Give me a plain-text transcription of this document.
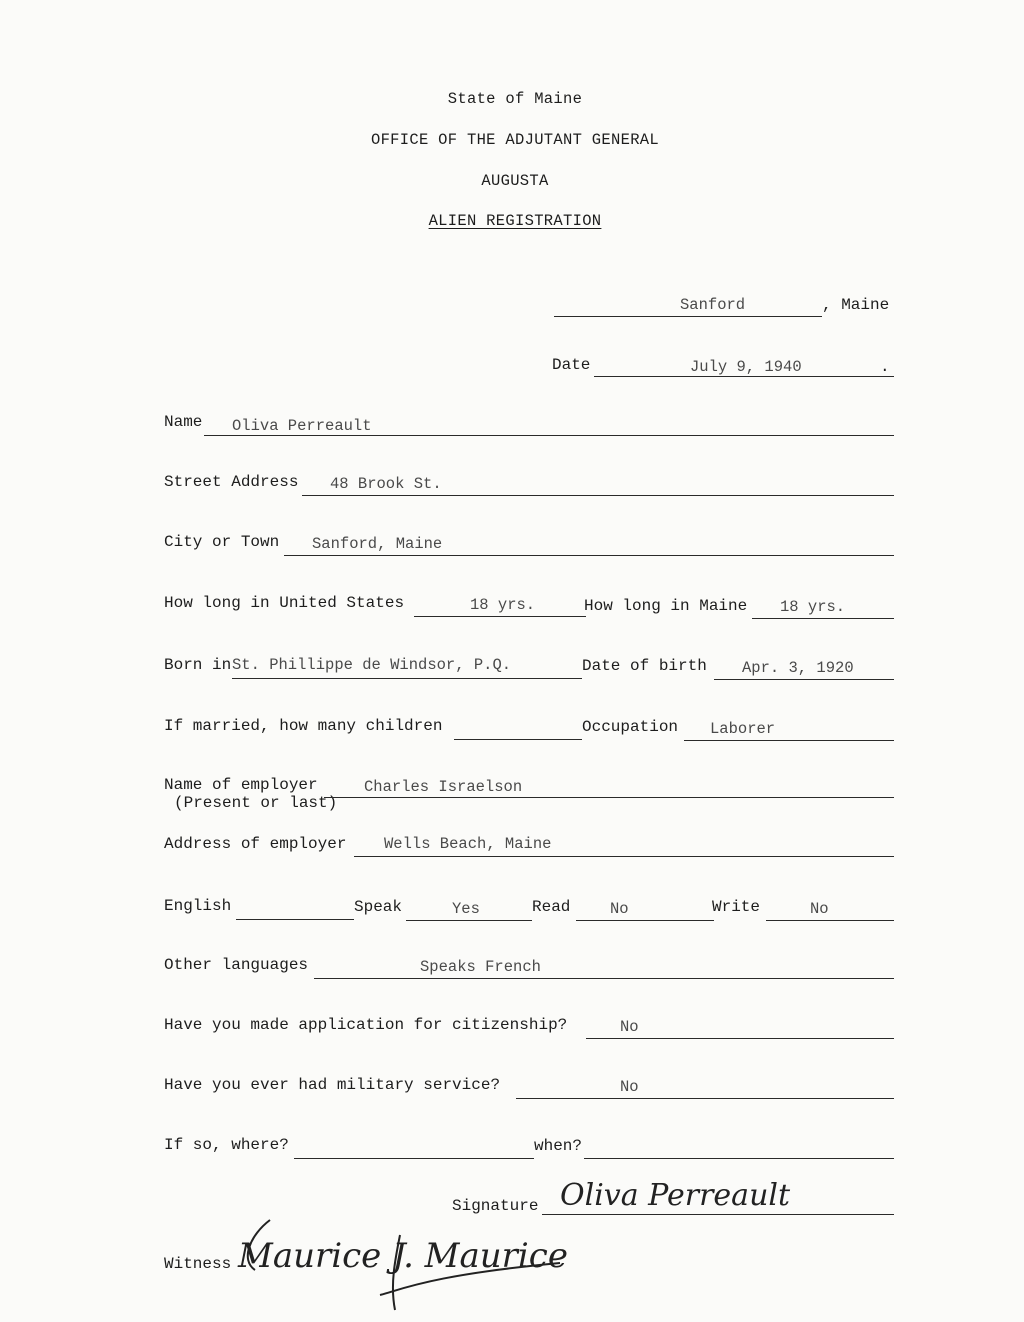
State of Maine
OFFICE OF THE ADJUTANT GENERAL
AUGUSTA
ALIEN REGISTRATION
Sanford	, Maine
Date	July 9, 1940	.
Name Oliva Perreault
Street Address 48 Brook St.
City or Town Sanford, Maine
How long in United States	18 yrs.	How long in Maine 18 yrs.
Born in St. Phillippe de Windsor, P.Q.	Date of birth Apr. 3, 1920
If married, how many children	Occupation Laborer
Name of employer
(Present or last)
Charles Israelson
Address of employer Wells Beach, Maine
English	Speak	Yes	Read	No	Write	No
Other languages	Speaks French
Have you made application for citizenship?	No
Have you ever had military service?	No
If so, where?	when?
Signature Oliva Perreault
Witness Maurice J. Maurice
